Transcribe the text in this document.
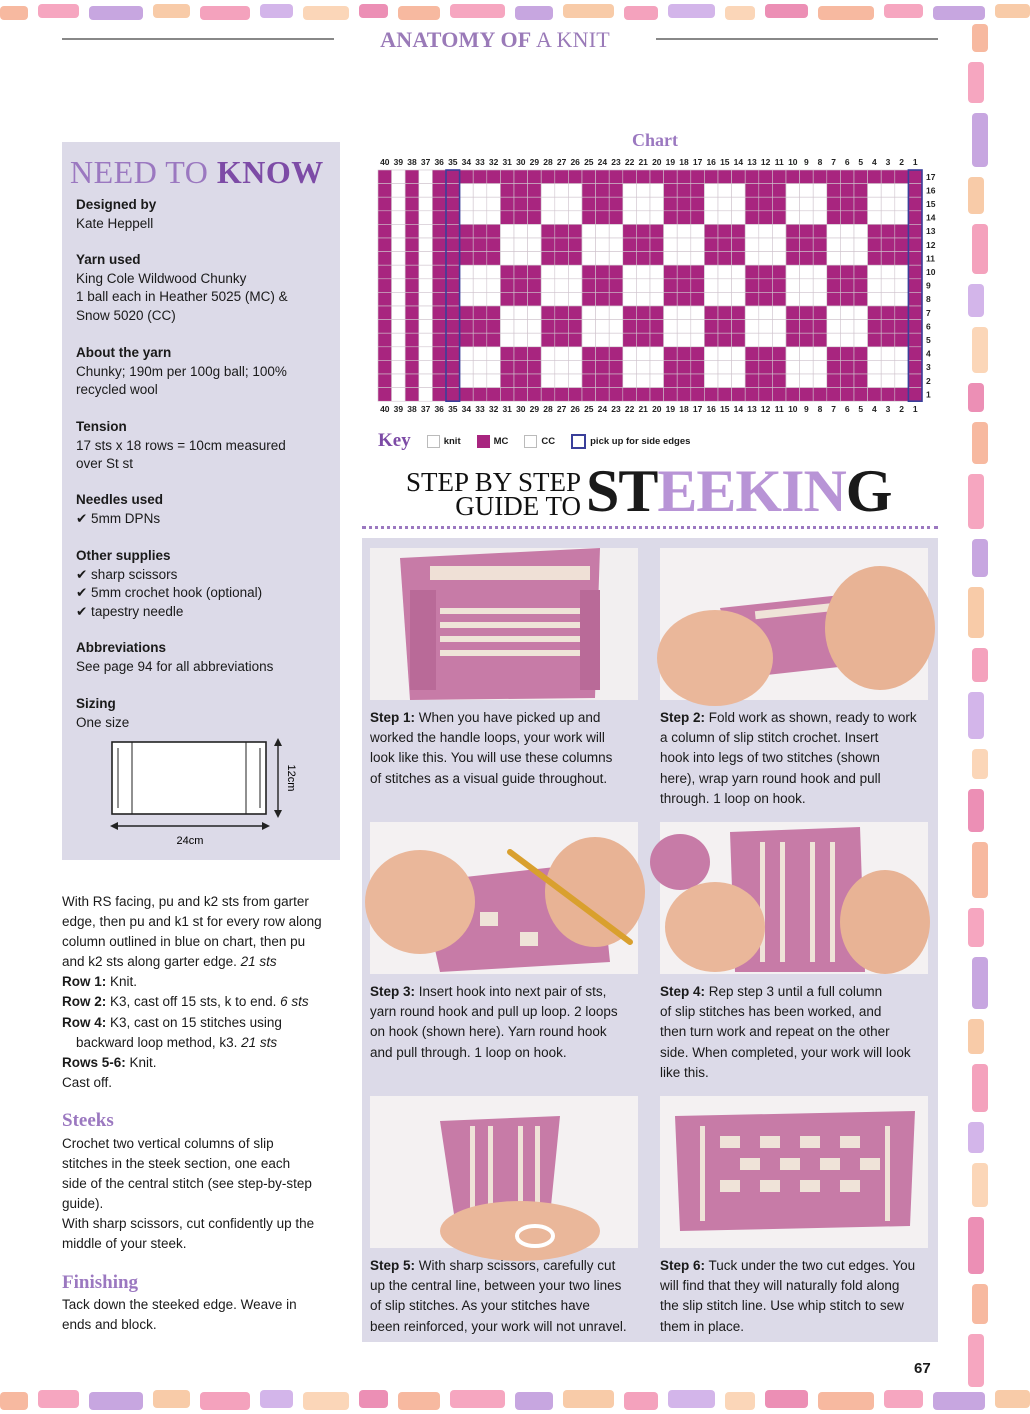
ANATOMY OF A KNIT
NEED TO KNOW
Designed by
Kate Heppell
Yarn used
King Cole Wildwood Chunky
1 ball each in Heather 5025 (MC) &
Snow 5020 (CC)
About the yarn
Chunky; 190m per 100g ball; 100%
recycled wool
Tension
17 sts x 18 rows = 10cm measured
over St st
Needles used
✔ 5mm DPNs
Other supplies
✔ sharp scissors
✔ 5mm crochet hook (optional)
✔ tapestry needle
Abbreviations
See page 94 for all abbreviations
Sizing
One size
12cm
24cm
With RS facing, pu and k2 sts from garter
edge, then pu and k1 st for every row along
column outlined in blue on chart, then pu
and k2 sts along garter edge. 21 sts
Row 1: Knit.
Row 2: K3, cast off 15 sts, k to end. 6 sts
Row 4: K3, cast on 15 stitches using
backward loop method, k3. 21 sts
Rows 5-6: Knit.
Cast off.
Steeks
Crochet two vertical columns of slip
stitches in the steek section, one each
side of the central stitch (see step-by-step
guide).
With sharp scissors, cut confidently up the
middle of your steek.
Finishing
Tack down the steeked edge. Weave in
ends and block.
Chart
40
40
39
39
38
38
37
37
36
36
35
35
34
34
33
33
32
32
31
31
30
30
29
29
28
28
27
27
26
26
25
25
24
24
23
23
22
22
21
21
20
20
19
19
18
18
17
17
16
16
15
15
14
14
13
13
12
12
11
11
10
10
9
9
8
8
7
7
6
6
5
5
4
4
3
3
2
2
1
1
17
16
15
14
13
12
11
10
9
8
7
6
5
4
3
2
1
Key	knit	MC	CC	pick up for side edges
STEP BY STEP
GUIDE TO STEEKING
Step 1: When you have picked up and
worked the handle loops, your work will
look like this. You will use these columns
of stitches as a visual guide throughout.
Step 2: Fold work as shown, ready to work
a column of slip stitch crochet. Insert
hook into legs of two stitches (shown
here), wrap yarn round hook and pull
through. 1 loop on hook.
Step 3: Insert hook into next pair of sts,
yarn round hook and pull up loop. 2 loops
on hook (shown here). Yarn round hook
and pull through. 1 loop on hook.
Step 4: Rep step 3 until a full column
of slip stitches has been worked, and
then turn work and repeat on the other
side. When completed, your work will look
like this.
Step 5: With sharp scissors, carefully cut
up the central line, between your two lines
of slip stitches. As your stitches have
been reinforced, your work will not unravel.
Step 6: Tuck under the two cut edges. You
will find that they will naturally fold along
the slip stitch line. Use whip stitch to sew
them in place.
67
